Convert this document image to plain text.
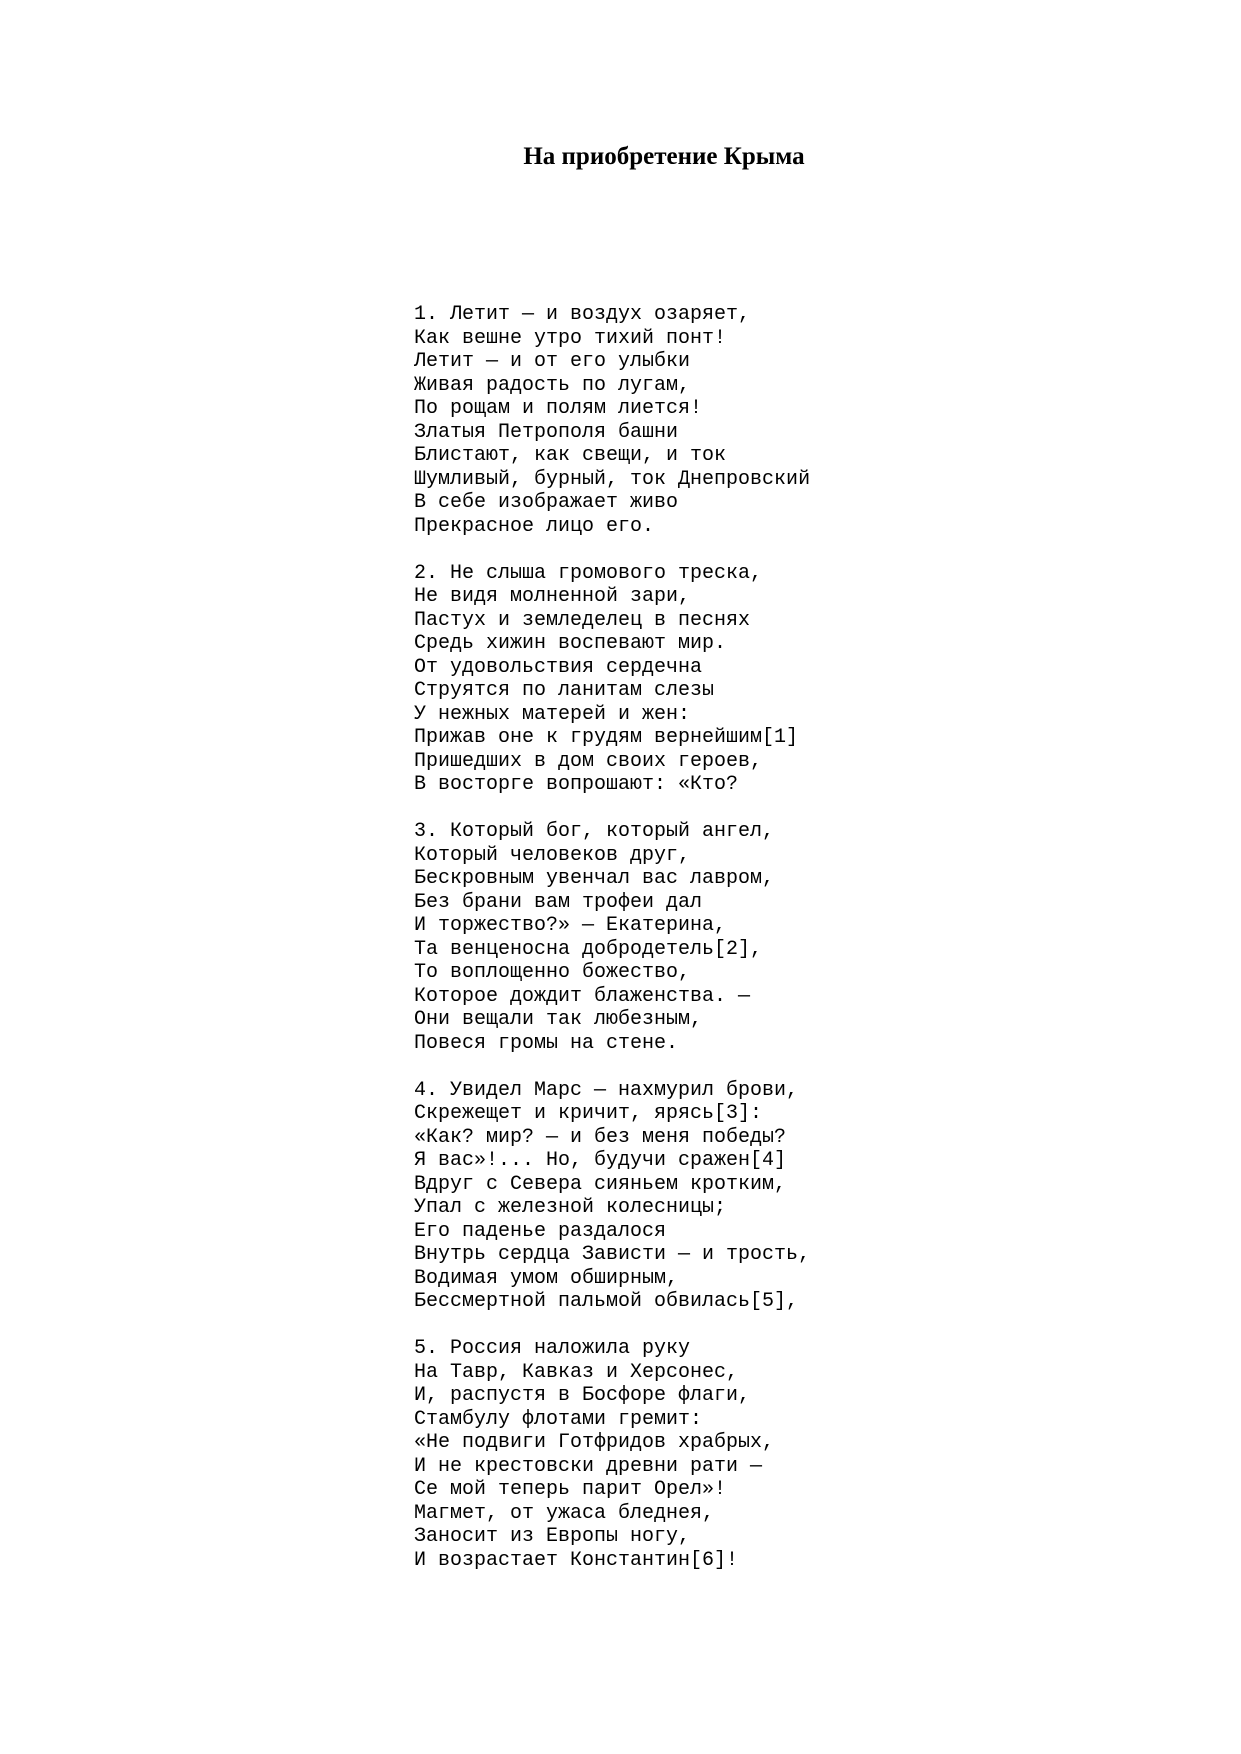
На приобретение Крыма
1. Летит — и воздух озаряет,
Как вешне утро тихий понт!
Летит — и от его улыбки
Живая радость по лугам,
По рощам и полям лиется!
Златыя Петрополя башни
Блистают, как свещи, и ток
Шумливый, бурный, ток Днепровский
В себе изображает живо
Прекрасное лицо его.
2. Не слыша громового треска,
Не видя молненной зари,
Пастух и земледелец в песнях
Средь хижин воспевают мир.
От удовольствия сердечна
Струятся по ланитам слезы
У нежных матерей и жен:
Прижав оне к грудям вернейшим[1]
Пришедших в дом своих героев,
В восторге вопрошают: «Кто?
3. Который бог, который ангел,
Который человеков друг,
Бескровным увенчал вас лавром,
Без брани вам трофеи дал
И торжество?» — Екатерина,
Та венценосна добродетель[2],
То воплощенно божество,
Которое дождит блаженства. —
Они вещали так любезным,
Повеся громы на стене.
4. Увидел Марс — нахмурил брови,
Скрежещет и кричит, ярясь[3]:
«Как? мир? — и без меня победы?
Я вас»!... Но, будучи сражен[4]
Вдруг с Севера сияньем кротким,
Упал с железной колесницы;
Его паденье раздалося
Внутрь сердца Зависти — и трость,
Водимая умом обширным,
Бессмертной пальмой обвилась[5],
5. Россия наложила руку
На Тавр, Кавказ и Херсонес,
И, распустя в Босфоре флаги,
Стамбулу флотами гремит:
«Не подвиги Готфридов храбрых,
И не крестовски древни рати —
Се мой теперь парит Орел»!
Магмет, от ужаса бледнея,
Заносит из Европы ногу,
И возрастает Константин[6]!
